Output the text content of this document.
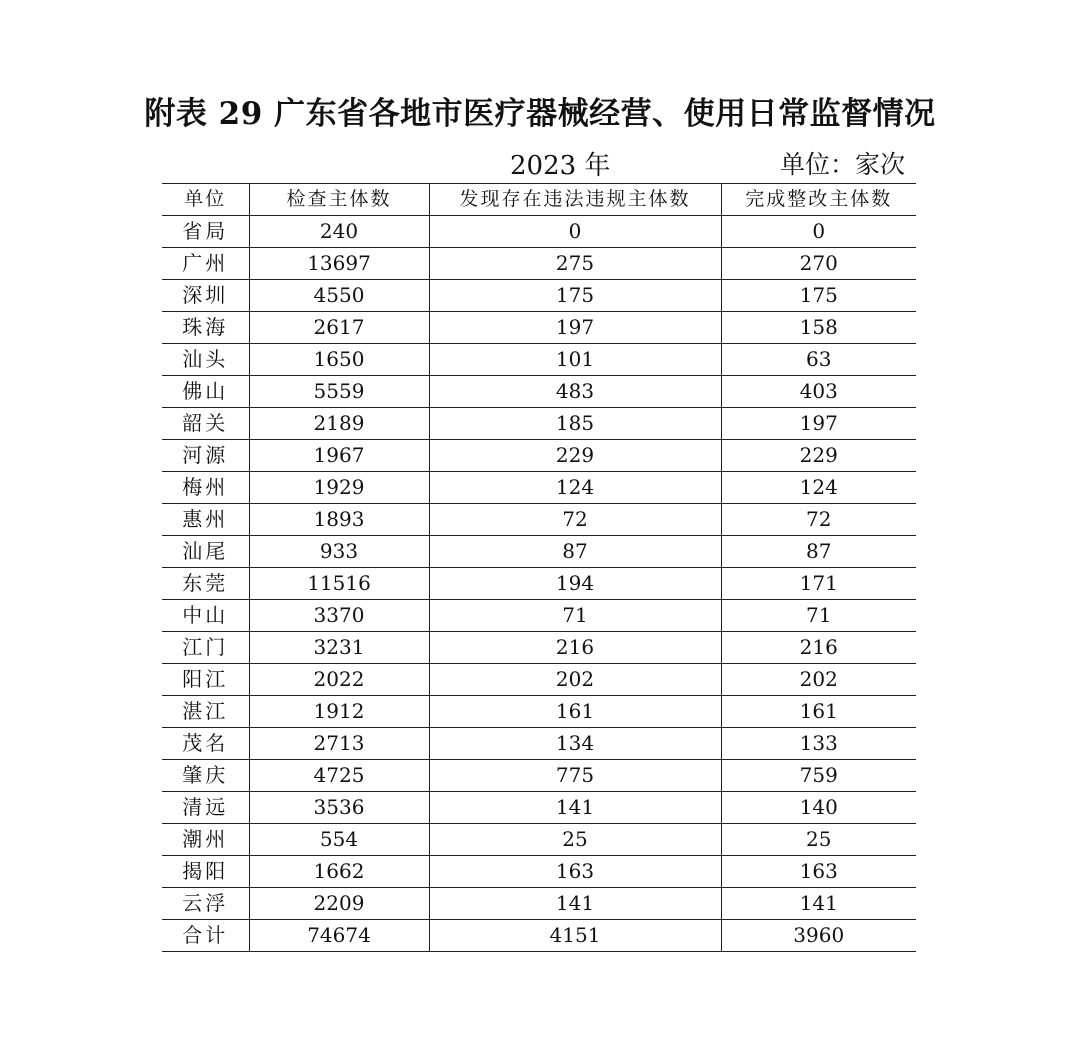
附表 29 广东省各地市医疗器械经营、使用日常监督情况
2023 年	单位：家次
单位	检查主体数	发现存在违法违规主体数	完成整改主体数
省局	240	0	0
广州	13697	275	270
深圳	4550	175	175
珠海	2617	197	158
汕头	1650	101	63
佛山	5559	483	403
韶关	2189	185	197
河源	1967	229	229
梅州	1929	124	124
惠州	1893	72	72
汕尾	933	87	87
东莞	11516	194	171
中山	3370	71	71
江门	3231	216	216
阳江	2022	202	202
湛江	1912	161	161
茂名	2713	134	133
肇庆	4725	775	759
清远	3536	141	140
潮州	554	25	25
揭阳	1662	163	163
云浮	2209	141	141
合计	74674	4151	3960
